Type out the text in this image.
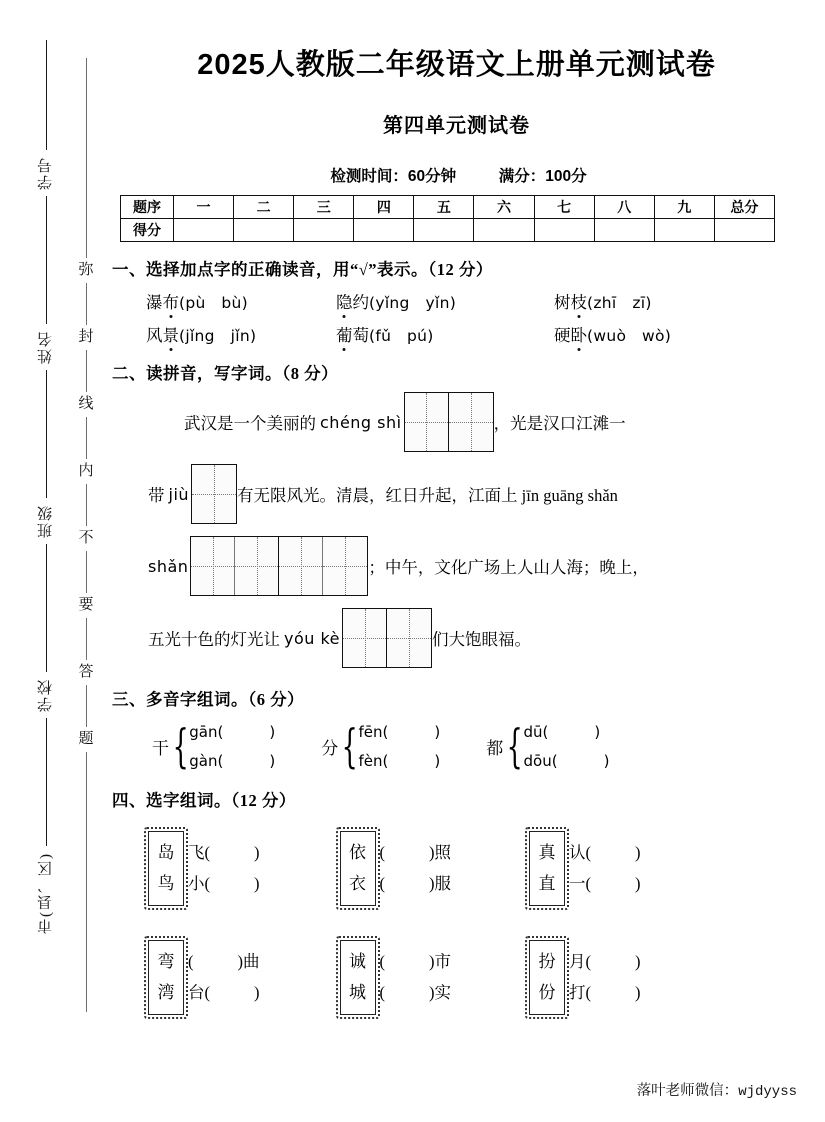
学号
姓名
班级
学校
市(县、区)
弥
封
线
内
不
要
答
题
2025人教版二年级语文上册单元测试卷
第四单元测试卷
检测时间：60分钟	满分：100分
题序	一	二	三	四	五	六	七	八	九	总分
得分										
一、选择加点字的正确读音，用“√”表示。（12 分）
瀑布(pù　bù)	隐约(yǐng　yǐn)	树枝(zhī　zī)
风景(jǐng　jǐn)	葡萄(fǔ　pú)	硬卧(wuò　wò)
二、读拼音，写字词。（8 分）
武汉是一个美丽的 chéng shì	，光是汉口江滩一
带 jiù	有无限风光。清晨，红日升起，江面上 jīn guāng shǎn
shǎn	；中午，文化广场上人山人海；晚上，
五光十色的灯光让 yóu kè	们大饱眼福。
三、多音字组词。（6 分）
干 { gān(	)
gàn(	)
分 { fēn(	)
fèn(	)
都 { dū(	)
dōu(	)
四、选字组词。（12 分）
岛
鸟
飞(	)
小(	)
依
衣
(	)照
(	)服
真
直
认(	)
一(	)
弯
湾
(	)曲
台(	)
诚
城
(	)市
(	)实
扮
份
月(	)
打(	)
落叶老师微信：wjdyyss
